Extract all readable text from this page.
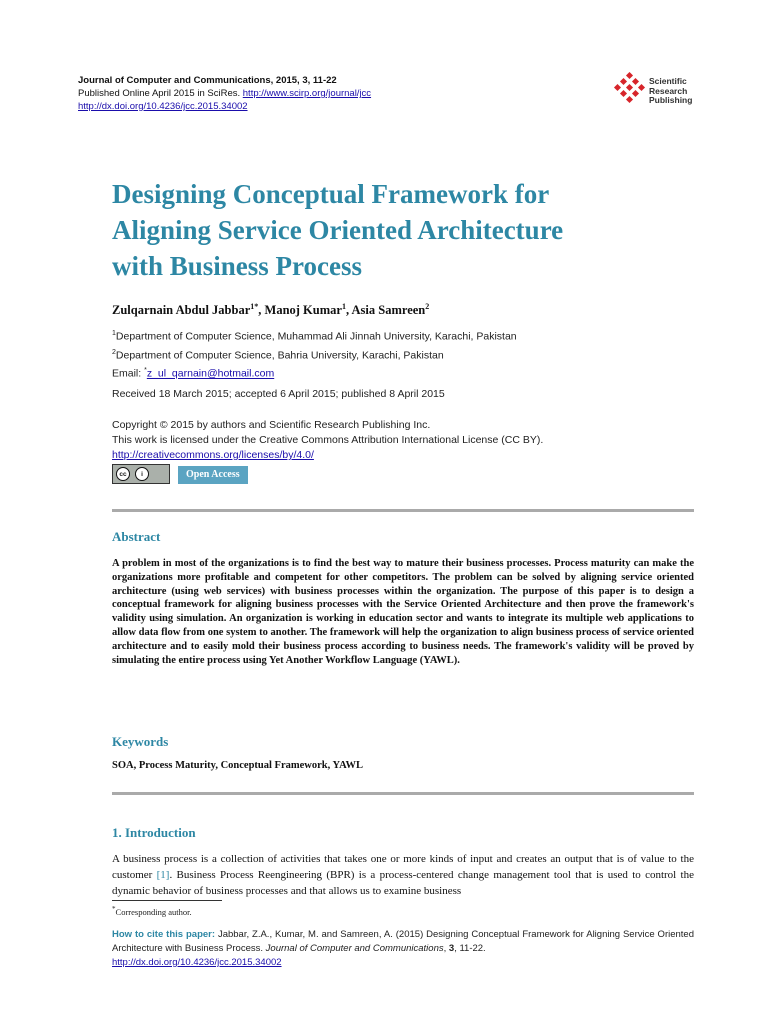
Journal of Computer and Communications, 2015, 3, 11-22
Published Online April 2015 in SciRes. http://www.scirp.org/journal/jcc
http://dx.doi.org/10.4236/jcc.2015.34002
Scientific
Research
Publishing
Designing Conceptual Framework for
Aligning Service Oriented Architecture
with Business Process
Zulqarnain Abdul Jabbar$^{1*}$, Manoj Kumar$^1$, Asia Samreen$^2$
$^1$Department of Computer Science, Muhammad Ali Jinnah University, Karachi, Pakistan
$^2$Department of Computer Science, Bahria University, Karachi, Pakistan
Email: *z_ul_qarnain@hotmail.com
Received 18 March 2015; accepted 6 April 2015; published 8 April 2015
Copyright © 2015 by authors and Scientific Research Publishing Inc.
This work is licensed under the Creative Commons Attribution International License (CC BY).
http://creativecommons.org/licenses/by/4.0/
cc	i	Open Access
Abstract

A problem in most of the organizations is to find the best way to mature their business processes. Process maturity can make the organizations more profitable and competent for other competitors. The problem can be solved by aligning service oriented architecture (using web services) with business processes within the organization. The purpose of this paper is to design a conceptual framework for aligning business processes with the Service Oriented Architecture and then prove the framework's validity using simulation. An organization is working in education sector and wants to integrate its multiple web applications to allow data flow from one system to another. The framework will help the organization to align business process of service oriented architecture and to easily mold their business process according to business needs. The framework's validity will be proved by simulating the entire process using Yet Another Workflow Language (YAWL).

Keywords
SOA, Process Maturity, Conceptual Framework, YAWL
1. Introduction

A business process is a collection of activities that takes one or more kinds of input and creates an output that is of value to the customer [1]. Business Process Reengineering (BPR) is a process-centered change management tool that is used to control the dynamic behavior of business processes and that allows us to examine business

*Corresponding author.

How to cite this paper: Jabbar, Z.A., Kumar, M. and Samreen, A. (2015) Designing Conceptual Framework for Aligning Service Oriented Architecture with Business Process. Journal of Computer and Communications, 3, 11-22.
http://dx.doi.org/10.4236/jcc.2015.34002
